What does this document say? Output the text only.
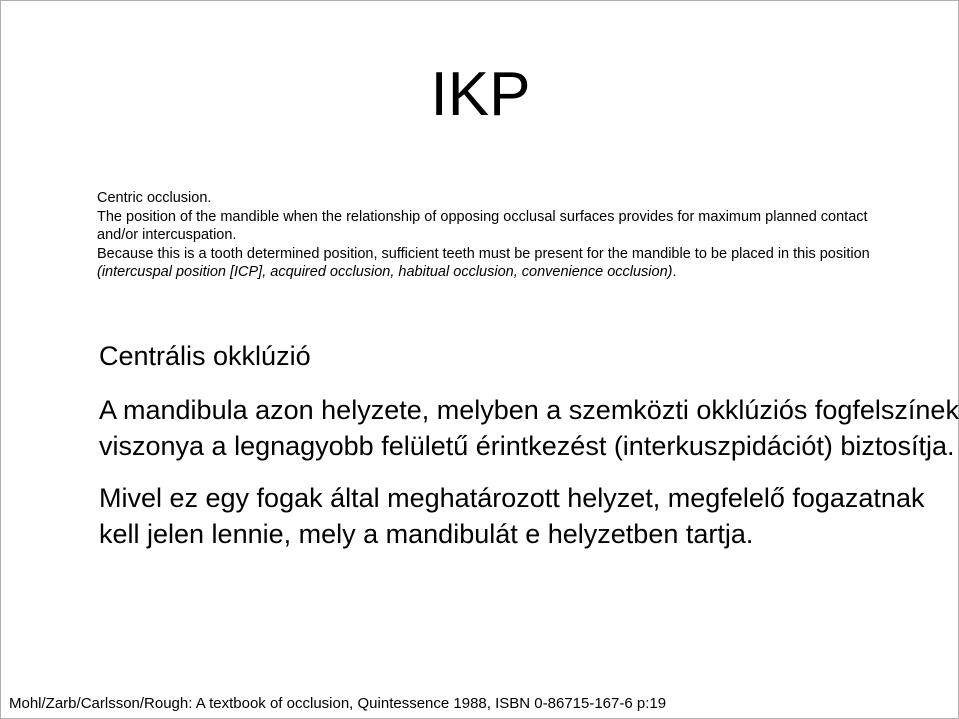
IKP

Centric occlusion.

The position of the mandible when the relationship of opposing occlusal surfaces provides for maximum planned contact and/or intercuspation.

Because this is a tooth determined position, sufficient teeth must be present for the mandible to be placed in this position (intercuspal position [ICP], acquired occlusion, habitual occlusion, convenience occlusion).

Centrális okklúzió

A mandibula azon helyzete, melyben a szemközti okklúziós fogfelszínek viszonya a legnagyobb felületű érintkezést (interkuszpidációt) biztosítja.

Mivel ez egy fogak által meghatározott helyzet, megfelelő fogazatnak kell jelen lennie, mely a mandibulát e helyzetben tartja.

Mohl/Zarb/Carlsson/Rough: A textbook of occlusion, Quintessence 1988, ISBN 0-86715-167-6 p:19
